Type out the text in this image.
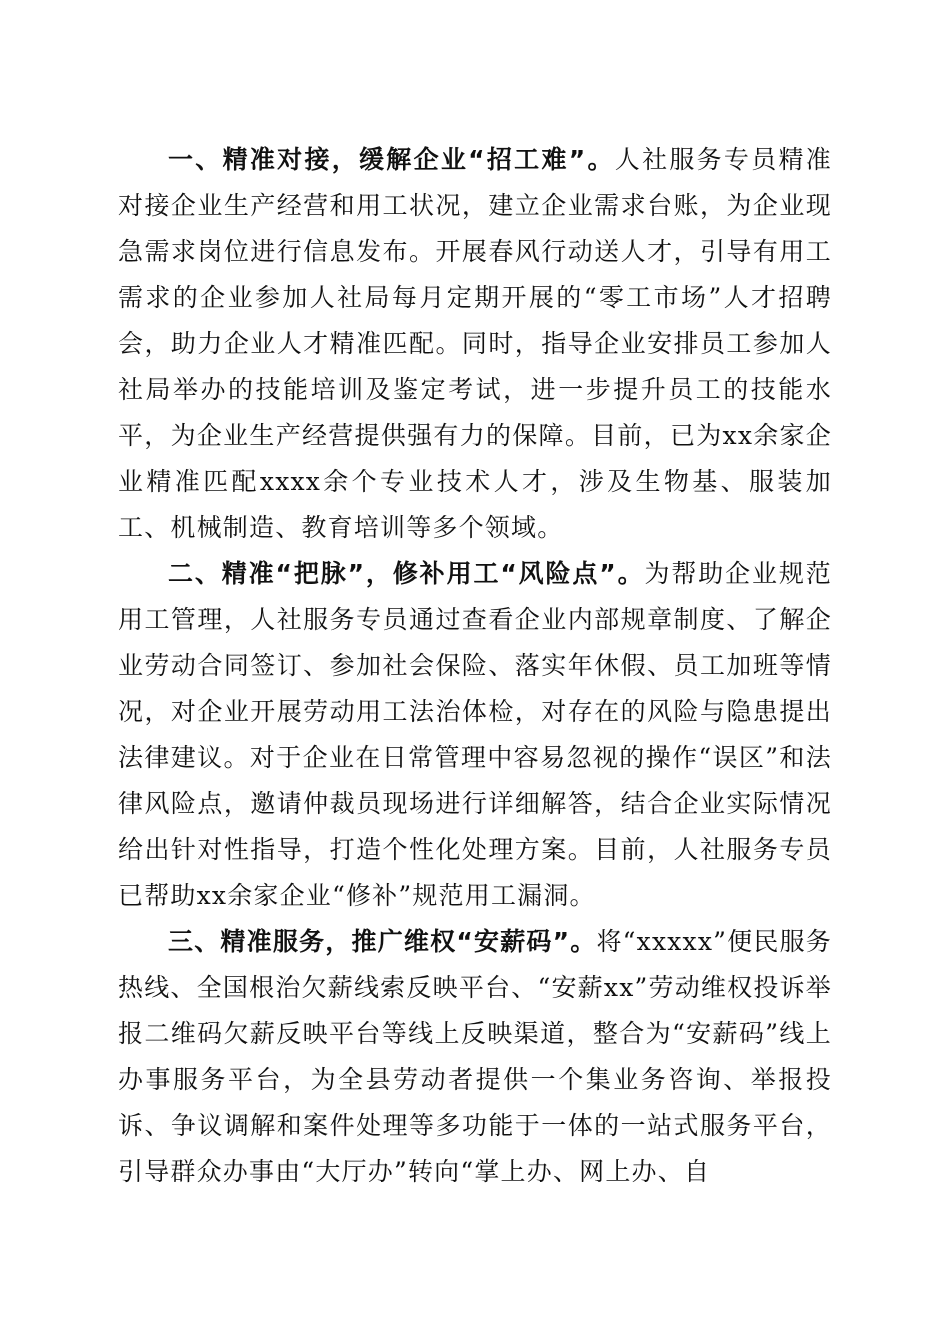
一、精准对接，缓解企业“招工难”。人社服务专员精准对接企业生产经营和用工状况，建立企业需求台账，为企业现急需求岗位进行信息发布。开展春风行动送人才，引导有用工需求的企业参加人社局每月定期开展的“零工市场”人才招聘会，助力企业人才精准匹配。同时，指导企业安排员工参加人社局举办的技能培训及鉴定考试，进一步提升员工的技能水平，为企业生产经营提供强有力的保障。目前，已为xx余家企业精准匹配xxxx余个专业技术人才，涉及生物基、服装加工、机械制造、教育培训等多个领域。

二、精准“把脉”，修补用工“风险点”。为帮助企业规范用工管理，人社服务专员通过查看企业内部规章制度、了解企业劳动合同签订、参加社会保险、落实年休假、员工加班等情况，对企业开展劳动用工法治体检，对存在的风险与隐患提出法律建议。对于企业在日常管理中容易忽视的操作“误区”和法律风险点，邀请仲裁员现场进行详细解答，结合企业实际情况给出针对性指导，打造个性化处理方案。目前，人社服务专员已帮助xx余家企业“修补”规范用工漏洞。

三、精准服务，推广维权“安薪码”。将“xxxxx”便民服务热线、全国根治欠薪线索反映平台、“安薪xx”劳动维权投诉举报二维码欠薪反映平台等线上反映渠道，整合为“安薪码”线上办事服务平台，为全县劳动者提供一个集业务咨询、举报投诉、争议调解和案件处理等多功能于一体的一站式服务平台，引导群众办事由“大厅办”转向“掌上办、网上办、自
